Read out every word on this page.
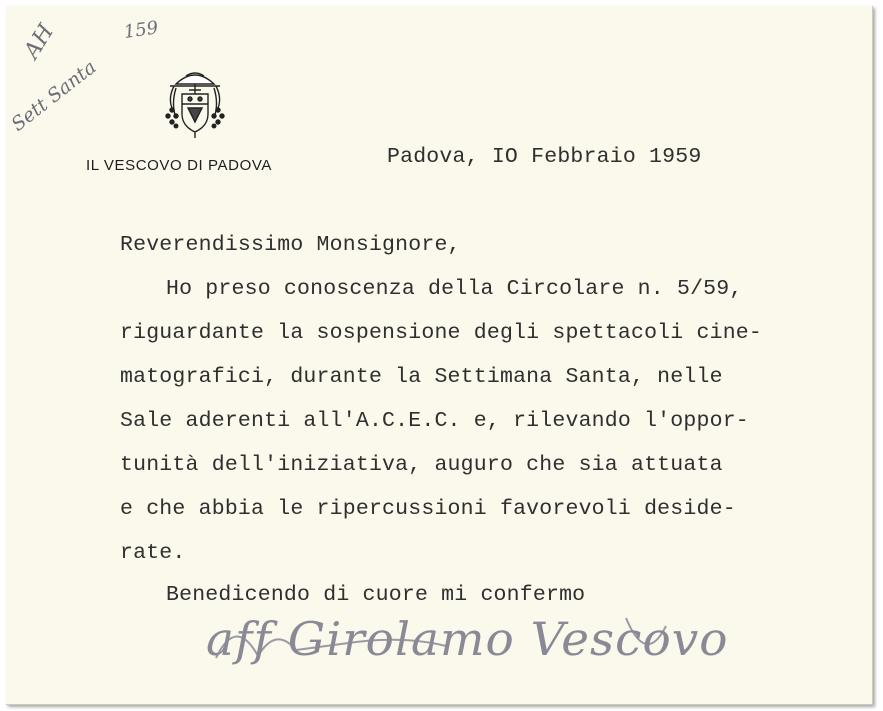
AH	159
Sett Santa
IL VESCOVO DI PADOVA	Padova, IO Febbraio 1959
Reverendissimo Monsignore,
Ho preso conoscenza della Circolare n. 5/59,
riguardante la sospensione degli spettacoli cine-
matografici, durante la Settimana Santa, nelle
Sale aderenti all'A.C.E.C. e, rilevando l'oppor-
tunità dell'iniziativa, auguro che sia attuata
e che abbia le ripercussioni favorevoli deside-
rate.
Benedicendo di cuore mi confermo
aff Girolamo Vescovo
